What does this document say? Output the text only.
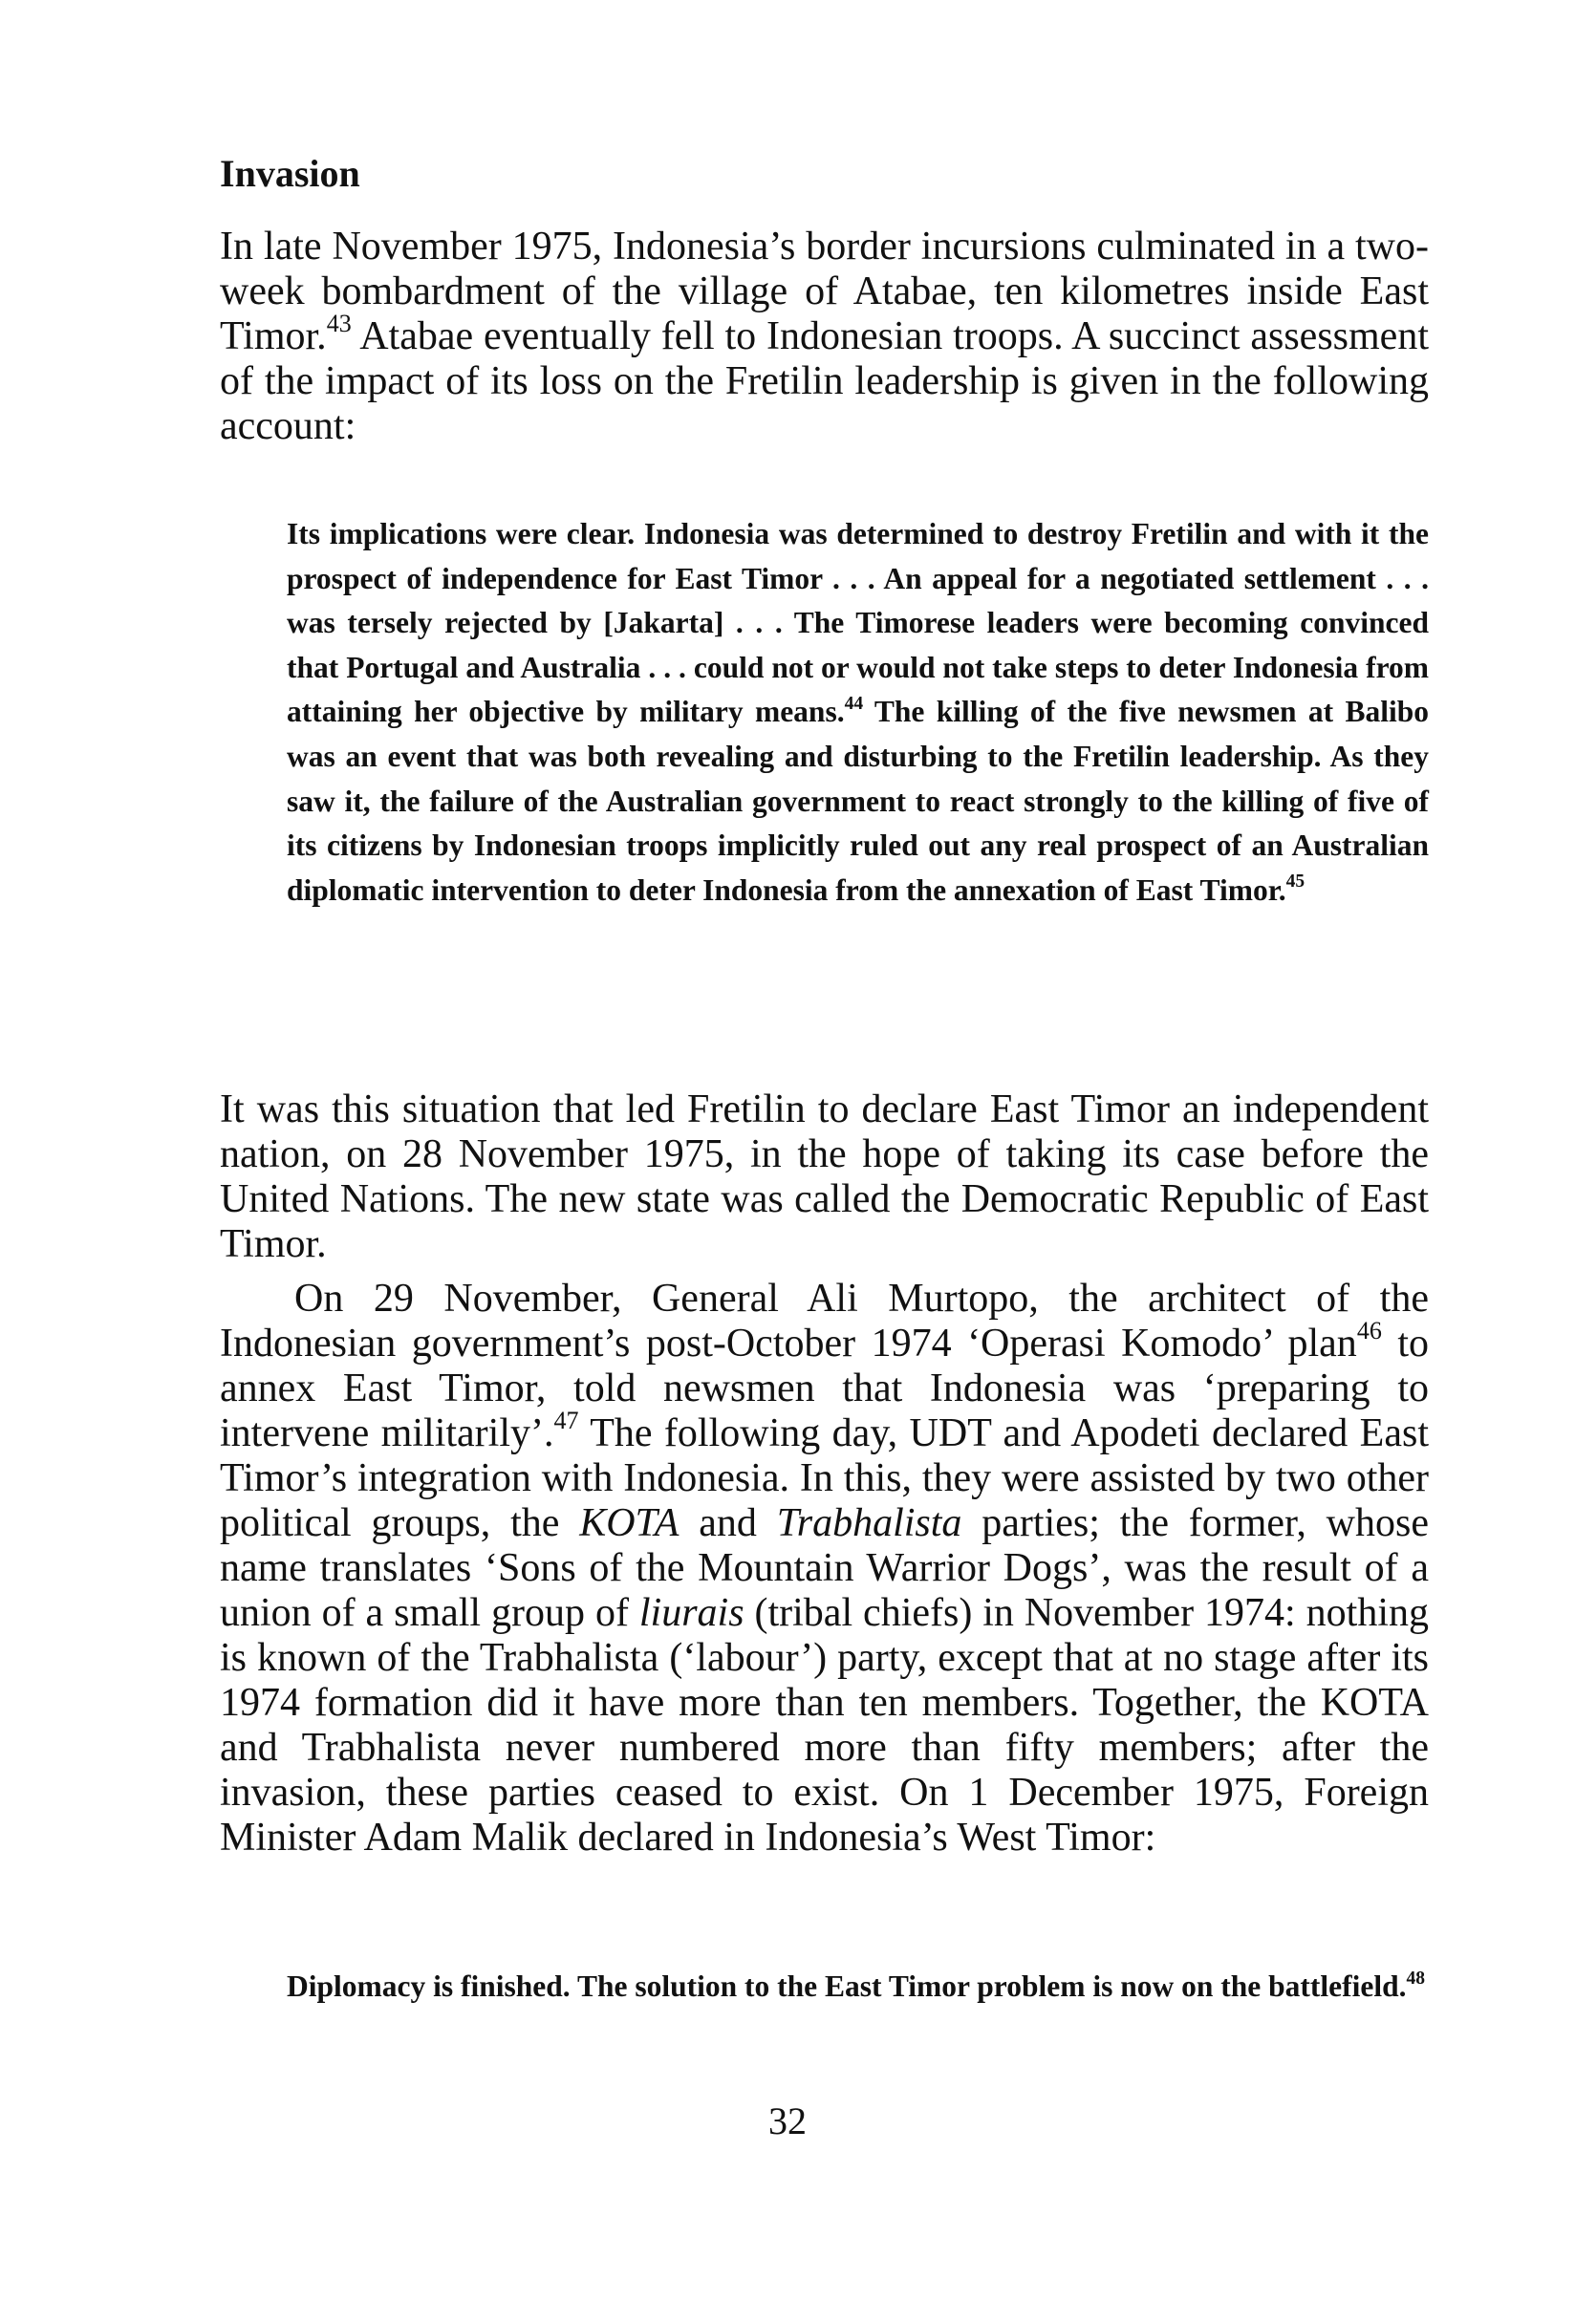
Invasion

In late November 1975, Indonesia’s border incursions culminated in a two-week bombardment of the village of Atabae, ten kilometres inside East Timor.$^{43}$ Atabae eventually fell to Indonesian troops. A succinct assessment of the impact of its loss on the Fretilin leadership is given in the following account:

Its implications were clear. Indonesia was determined to destroy Fretilin and with it the prospect of independence for East Timor . . . An appeal for a negotiated settlement . . . was tersely rejected by [Jakarta] . . . The Timorese leaders were becoming convinced that Portugal and Australia . . . could not or would not take steps to deter Indonesia from attaining her objective by military means.$^{44}$ The killing of the five newsmen at Balibo was an event that was both revealing and disturbing to the Fretilin leadership. As they saw it, the failure of the Australian government to react strongly to the killing of five of its citizens by Indonesian troops implicitly ruled out any real prospect of an Australian diplomatic intervention to deter Indonesia from the annexation of East Timor.$^{45}$

It was this situation that led Fretilin to declare East Timor an independent nation, on 28 November 1975, in the hope of taking its case before the United Nations. The new state was called the Democratic Republic of East Timor.

On 29 November, General Ali Murtopo, the architect of the Indonesian government’s post-October 1974 ‘Operasi Komodo’ plan$^{46}$ to annex East Timor, told newsmen that Indonesia was ‘preparing to intervene militarily’.$^{47}$ The following day, UDT and Apodeti declared East Timor’s integration with Indonesia. In this, they were assisted by two other political groups, the KOTA and Trabhalista parties; the former, whose name translates ‘Sons of the Mountain Warrior Dogs’, was the result of a union of a small group of liurais (tribal chiefs) in November 1974: nothing is known of the Trabhalista (‘labour’) party, except that at no stage after its 1974 formation did it have more than ten members. Together, the KOTA and Trabhalista never numbered more than fifty members; after the invasion, these parties ceased to exist. On 1 December 1975, Foreign Minister Adam Malik declared in Indonesia’s West Timor:

Diplomacy is finished. The solution to the East Timor problem is now on the battlefield.$^{48}$

32
